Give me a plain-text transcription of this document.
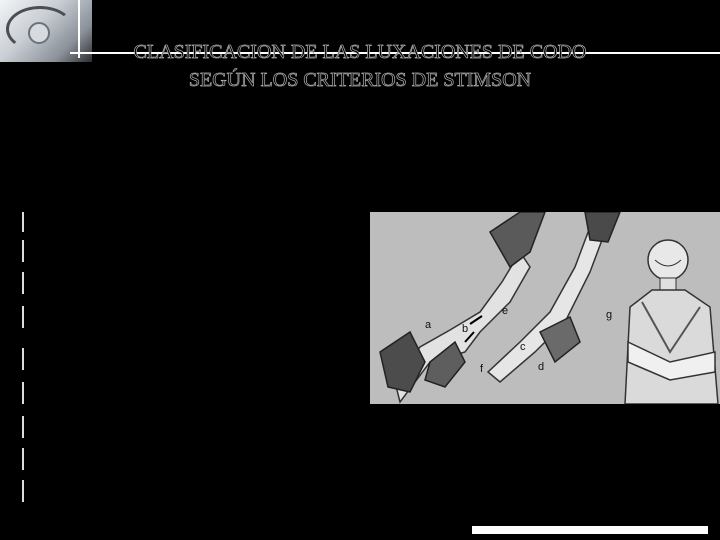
CLASIFICACION DE LAS LUXACIONES DE CODO
SEGÚN LOS CRITERIOS DE STIMSON
IV. LUXACION LATERAL O EXTERNA
Diagnostico Radiológico
Proyección AP
Olécranon: atrás o al lado del condilo
externo del humero .
Tratamiento o Conducta
Reducción Cerrada
Inmovilización con yeso, cabestrillo y fisioterapia
Tracción longitudinal
Tracción abierta cuando hay compromiso neurovascular
a	b
c
d
e
f
g
